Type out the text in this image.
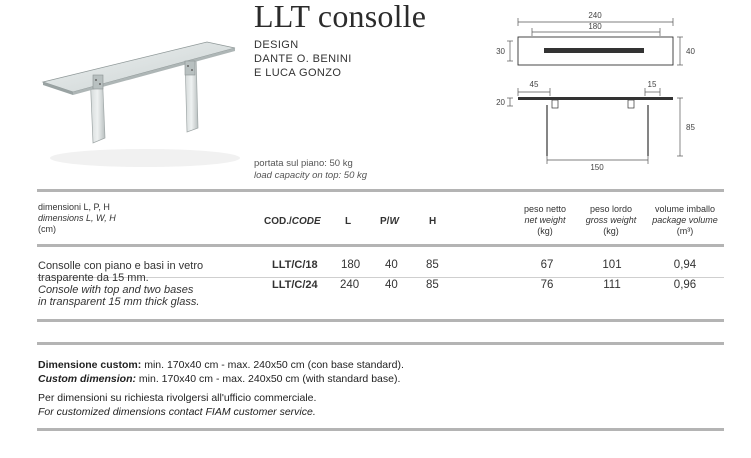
LLT consolle
DESIGN
DANTE O. BENINI
E LUCA GONZO
portata sul piano: 50 kg
load capacity on top: 50 kg
240
180
30	40
45	15
20
85
150
dimensioni L, P, H
dimensions L, W, H
(cm)
COD./CODE L	P/W	H
peso netto
net weight
(kg)
peso lordo
gross weight
(kg)
volume imballo
package volume
(m³)
Consolle con piano e basi in vetro
trasparente da 15 mm.
Console with top and two bases
in transparent 15 mm thick glass.
LLT/C/18 180 40 85	67	101	0,94
LLT/C/24 240 40 85	76	111	0,96
Dimensione custom: min. 170x40 cm - max. 240x50 cm (con base standard).
Custom dimension: min. 170x40 cm - max. 240x50 cm (with standard base).
Per dimensioni su richiesta rivolgersi all'ufficio commerciale.
For customized dimensions contact FIAM customer service.
